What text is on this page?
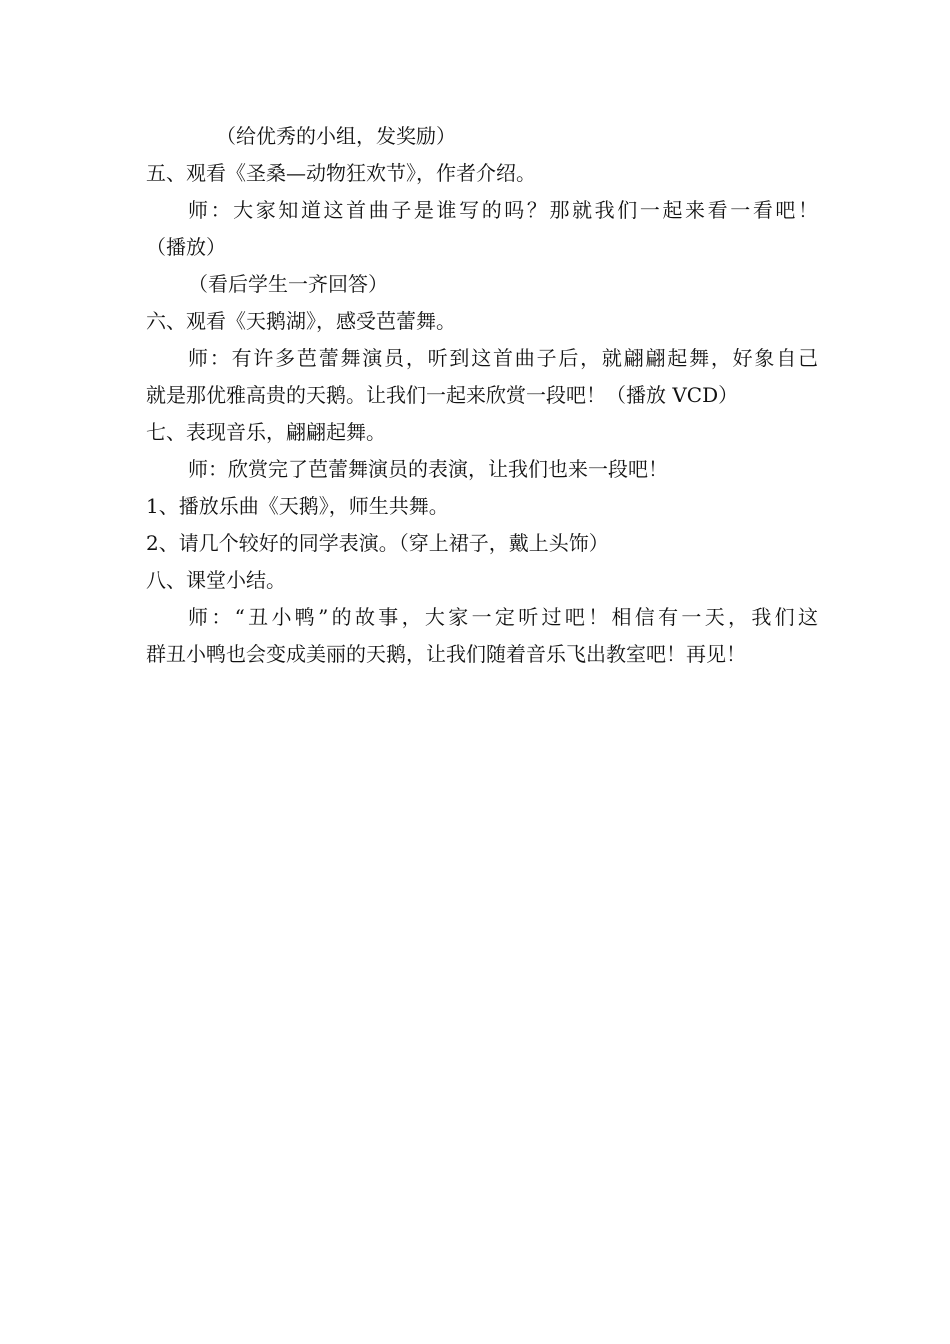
（给优秀的小组，发奖励）
五、观看《圣桑—动物狂欢节》，作者介绍。
师：大家知道这首曲子是谁写的吗？那就我们一起来看一看吧！
（播放）
（看后学生一齐回答）
六、观看《天鹅湖》，感受芭蕾舞。
师：有许多芭蕾舞演员，听到这首曲子后，就翩翩起舞，好象自己
就是那优雅高贵的天鹅。让我们一起来欣赏一段吧！（播放 VCD）
七、表现音乐，翩翩起舞。
师：欣赏完了芭蕾舞演员的表演，让我们也来一段吧！
1、播放乐曲《天鹅》，师生共舞。
2、请几个较好的同学表演。（穿上裙子，戴上头饰）
八、课堂小结。
师：“丑小鸭”的故事，大家一定听过吧！相信有一天，我们这
群丑小鸭也会变成美丽的天鹅，让我们随着音乐飞出教室吧！再见！
